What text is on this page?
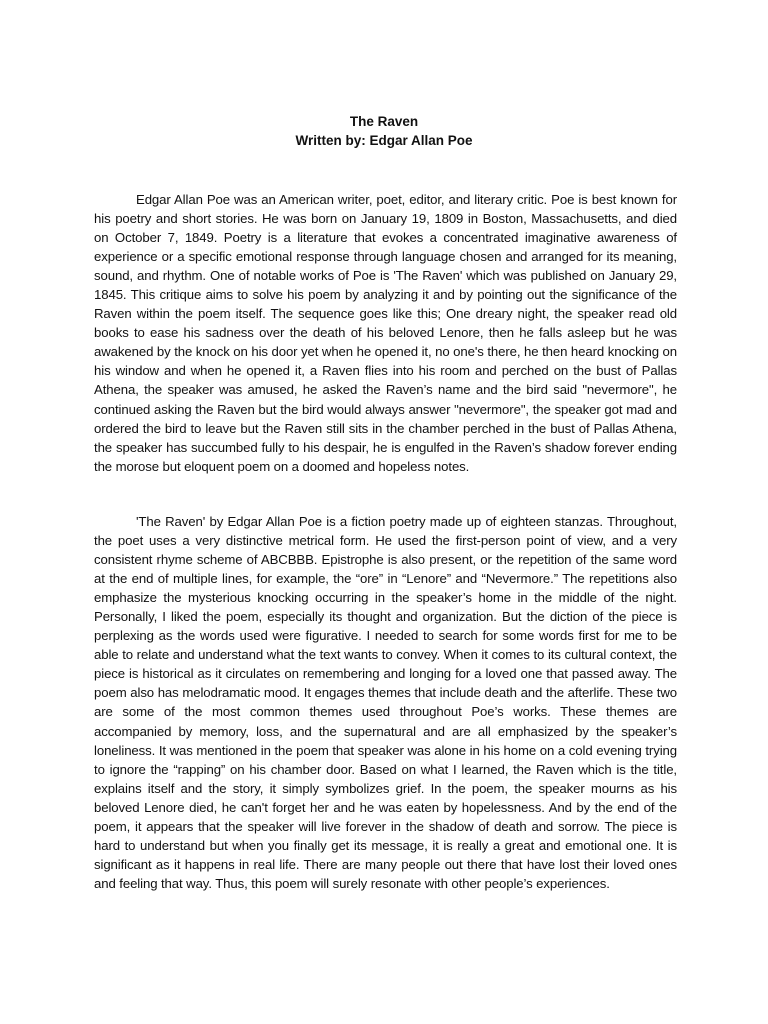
The Raven
Written by: Edgar Allan Poe

Edgar Allan Poe was an American writer, poet, editor, and literary critic. Poe is best known for his poetry and short stories. He was born on January 19, 1809 in Boston, Massachusetts, and died on October 7, 1849. Poetry is a literature that evokes a concentrated imaginative awareness of experience or a specific emotional response through language chosen and arranged for its meaning, sound, and rhythm. One of notable works of Poe is 'The Raven' which was published on January 29, 1845. This critique aims to solve his poem by analyzing it and by pointing out the significance of the Raven within the poem itself. The sequence goes like this; One dreary night, the speaker read old books to ease his sadness over the death of his beloved Lenore, then he falls asleep but he was awakened by the knock on his door yet when he opened it, no one's there, he then heard knocking on his window and when he opened it, a Raven flies into his room and perched on the bust of Pallas Athena, the speaker was amused, he asked the Raven’s name and the bird said "nevermore", he continued asking the Raven but the bird would always answer "nevermore", the speaker got mad and ordered the bird to leave but the Raven still sits in the chamber perched in the bust of Pallas Athena, the speaker has succumbed fully to his despair, he is engulfed in the Raven’s shadow forever ending the morose but eloquent poem on a doomed and hopeless notes.

'The Raven' by Edgar Allan Poe is a fiction poetry made up of eighteen stanzas. Throughout, the poet uses a very distinctive metrical form. He used the first-person point of view, and a very consistent rhyme scheme of ABCBBB. Epistrophe is also present, or the repetition of the same word at the end of multiple lines, for example, the “ore” in “Lenore” and “Nevermore.” The repetitions also emphasize the mysterious knocking occurring in the speaker’s home in the middle of the night. Personally, I liked the poem, especially its thought and organization. But the diction of the piece is perplexing as the words used were figurative. I needed to search for some words first for me to be able to relate and understand what the text wants to convey. When it comes to its cultural context, the piece is historical as it circulates on remembering and longing for a loved one that passed away. The poem also has melodramatic mood. It engages themes that include death and the afterlife. These two are some of the most common themes used throughout Poe’s works. These themes are accompanied by memory, loss, and the supernatural and are all emphasized by the speaker’s loneliness. It was mentioned in the poem that speaker was alone in his home on a cold evening trying to ignore the “rapping” on his chamber door. Based on what I learned, the Raven which is the title, explains itself and the story, it simply symbolizes grief. In the poem, the speaker mourns as his beloved Lenore died, he can't forget her and he was eaten by hopelessness. And by the end of the poem, it appears that the speaker will live forever in the shadow of death and sorrow. The piece is hard to understand but when you finally get its message, it is really a great and emotional one. It is significant as it happens in real life. There are many people out there that have lost their loved ones and feeling that way. Thus, this poem will surely resonate with other people’s experiences.
